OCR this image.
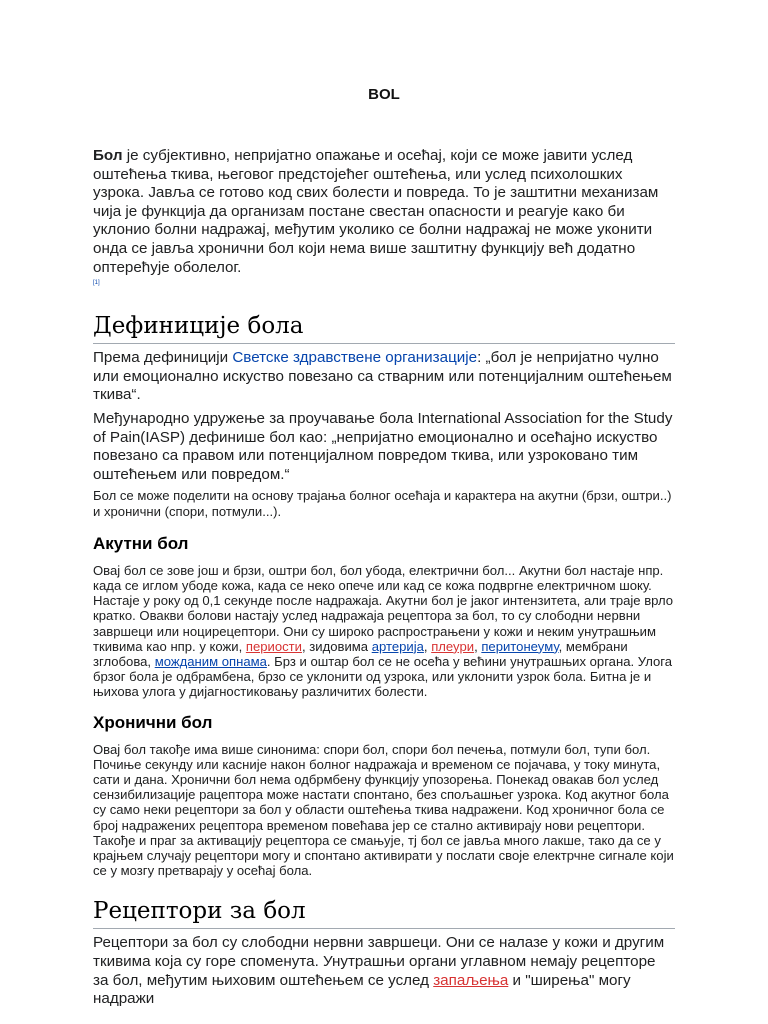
BOL

Бол је субјективно, непријатно опажање и осећај, који се може јавити услед оштећења ткива, његовог предстојећег оштећења, или услед психолошких узрока. Јавља се готово код свих болести и повреда. То је заштитни механизам чија је функција да организам постане свестан опасности и реагује како би уклонио болни надражај, међутим уколико се болни надражај не може уконити онда се јавља хронични бол који нема више заштитну функцију већ додатно оптерећује оболелог.
[1]

Дефиниције бола

Према дефиницији Светске здравствене организације: „бол је непријатно чулно или емоционално искуство повезано са стварним или потенцијалним оштећењем ткива“.

Међународно удружење за проучавање бола International Association for the Study of Pain(IASP) дефинише бол као: „непријатно емоционално и осећајно искуство повезано са правом или потенцијалном повредом ткива, или узроковано тим оштећењем или повредом.“

Бол се може поделити на основу трајања болног осећаја и карактера на акутни (брзи, оштри..) и хронични (спори, потмули...).

Акутни бол

Овај бол се зове још и брзи, оштри бол, бол убода, електрични бол... Акутни бол настаје нпр. када се иглом убоде кожа, када се неко опече или кад се кожа подвргне електричном шоку. Настаје у року од 0,1 секунде после надражаја. Акутни бол је јаког интензитета, али траје врло кратко. Овакви болови настају услед надражаја рецептора за бол, то су слободни нервни завршеци или ноцирецептори. Они су широко распрострањени у кожи и неким унутрашњим ткивима као нпр. у кожи, периости, зидовима артерија, плеури, перитонеуму, мембрани зглобова, можданим опнама. Брз и оштар бол се не осећа у већини унутрашњих органа. Улога брзог бола је одбрамбена, брзо се уклонити од узрока, или уклонити узрок бола. Битна је и њихова улога у дијагностиковању различитих болести.

Хронични бол

Овај бол такође има више синонима: спори бол, спори бол печења, потмули бол, тупи бол. Почиње секунду или касније након болног надражаја и временом се појачава, у току минута, сати и дана. Хронични бол нема одбрмбену функцију упозорења. Понекад овакав бол услед сензибилизације рацептора може настати спонтано, без спољашњег узрока. Код акутног бола су само неки рецептори за бол у области оштећења ткива надражени. Код хроничног бола се број надражених рецептора временом повећава јер се стално активирају нови рецептори. Такође и праг за активацију рецептора се смањује, тј бол се јавља много лакше, тако да се у крајњем случају рецептори могу и спонтано активирати у послати своје електрчне сигнале који се у мозгу претварају у осећај бола.

Рецептори за бол

Рецептори за бол су слободни нервни завршеци. Они се налазе у кожи и другим ткивима која су горе споменута. Унутрашњи органи углавном немају рецепторе за бол, међутим њиховим оштећењем се услед запаљења и "ширења" могу надражи
